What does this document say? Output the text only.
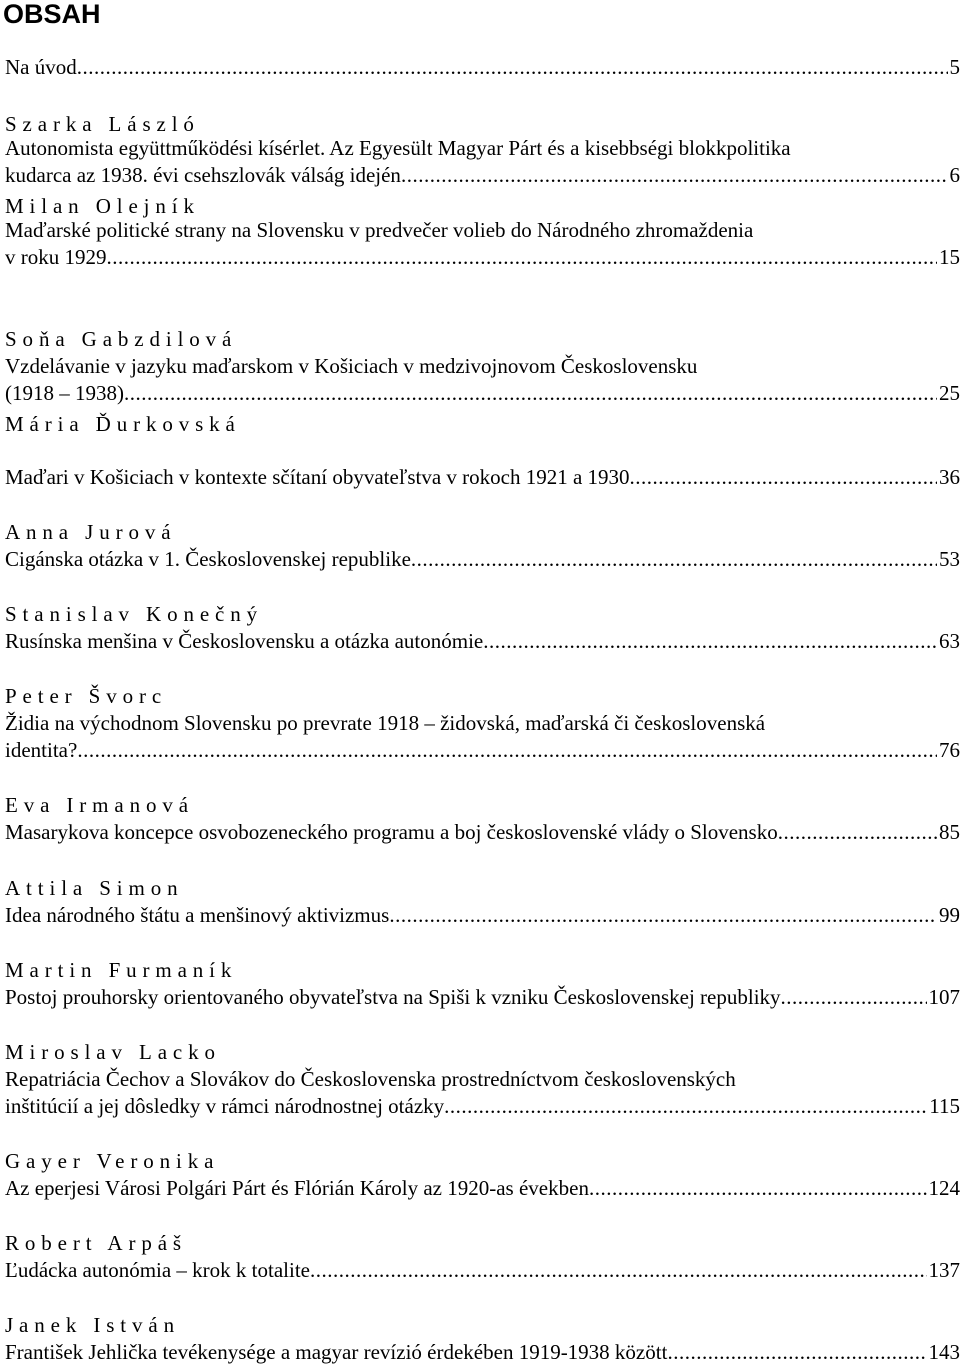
OBSAH
Na úvod .....	5
Szarka László
Autonomista együttműködési kísérlet. Az Egyesült Magyar Párt és a kisebbségi blokkpolitika
kudarca az 1938. évi csehszlovák válság idején .....	6
Milan Olejník
Maďarské politické strany na Slovensku v predvečer volieb do Národného zhromaždenia
v roku 1929 .....	15
Soňa Gabzdilová
Vzdelávanie v jazyku maďarskom v Košiciach v medzivojnovom Československu
(1918 – 1938) .....	25
Mária Ďurkovská
Maďari v Košiciach v kontexte sčítaní obyvateľstva v rokoch 1921 a 1930 .....	36
Anna Jurová
Cigánska otázka v 1. Československej republike .....	53
Stanislav Konečný
Rusínska menšina v Československu a otázka autonómie .....	63
Peter Švorc
Židia na východnom Slovensku po prevrate 1918 – židovská, maďarská či československá
identita? .....	76
Eva Irmanová
Masarykova koncepce osvobozeneckého programu a boj československé vlády o Slovensko .....	85
Attila Simon
Idea národného štátu a menšinový aktivizmus .....	99
Martin Furmaník
Postoj prouhorsky orientovaného obyvateľstva na Spiši k vzniku Československej republiky .....	107
Miroslav Lacko
Repatriácia Čechov a Slovákov do Československa prostredníctvom československých
inštitúcií a jej dôsledky v rámci národnostnej otázky .....	115
Gayer Veronika
Az eperjesi Városi Polgári Párt és Flórián Károly az 1920-as években .....	124
Robert Arpáš
Ľudácka autonómia – krok k totalite .....	137
Janek István
František Jehlička tevékenysége a magyar revízió érdekében 1919-1938 között .....	143
